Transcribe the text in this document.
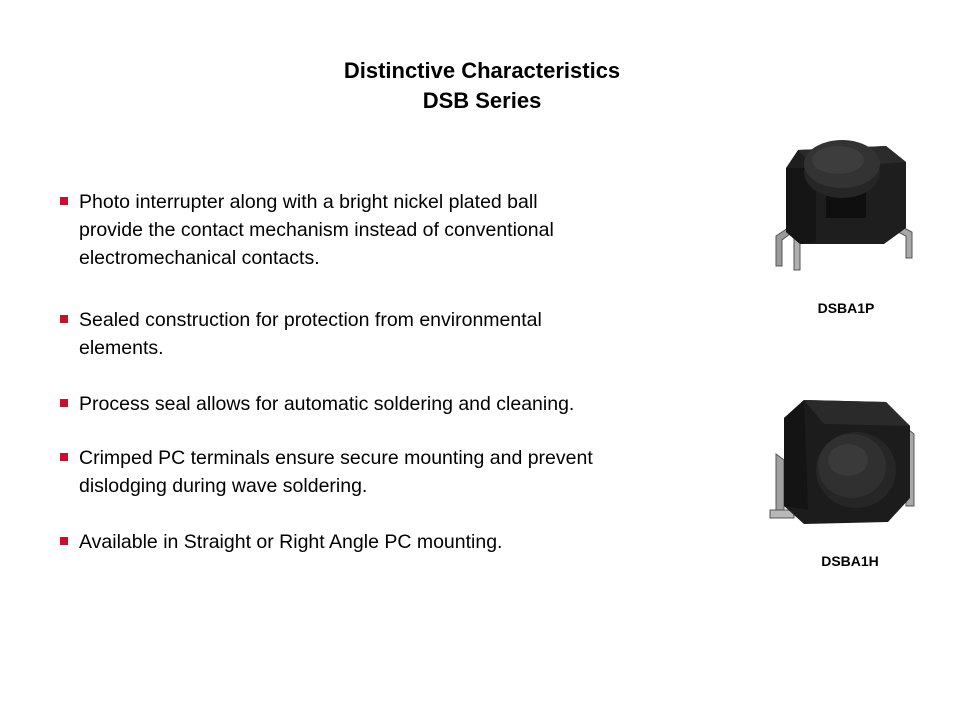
Distinctive Characteristics
DSB Series
Photo interrupter along with a bright nickel plated ball
provide the contact mechanism instead of conventional
electromechanical contacts.
Sealed construction for protection from environmental
elements.
Process seal allows for automatic soldering and cleaning.
Crimped PC terminals ensure secure mounting and prevent
dislodging during wave soldering.
Available in Straight or Right Angle PC mounting.
DSBA1P
DSBA1H
